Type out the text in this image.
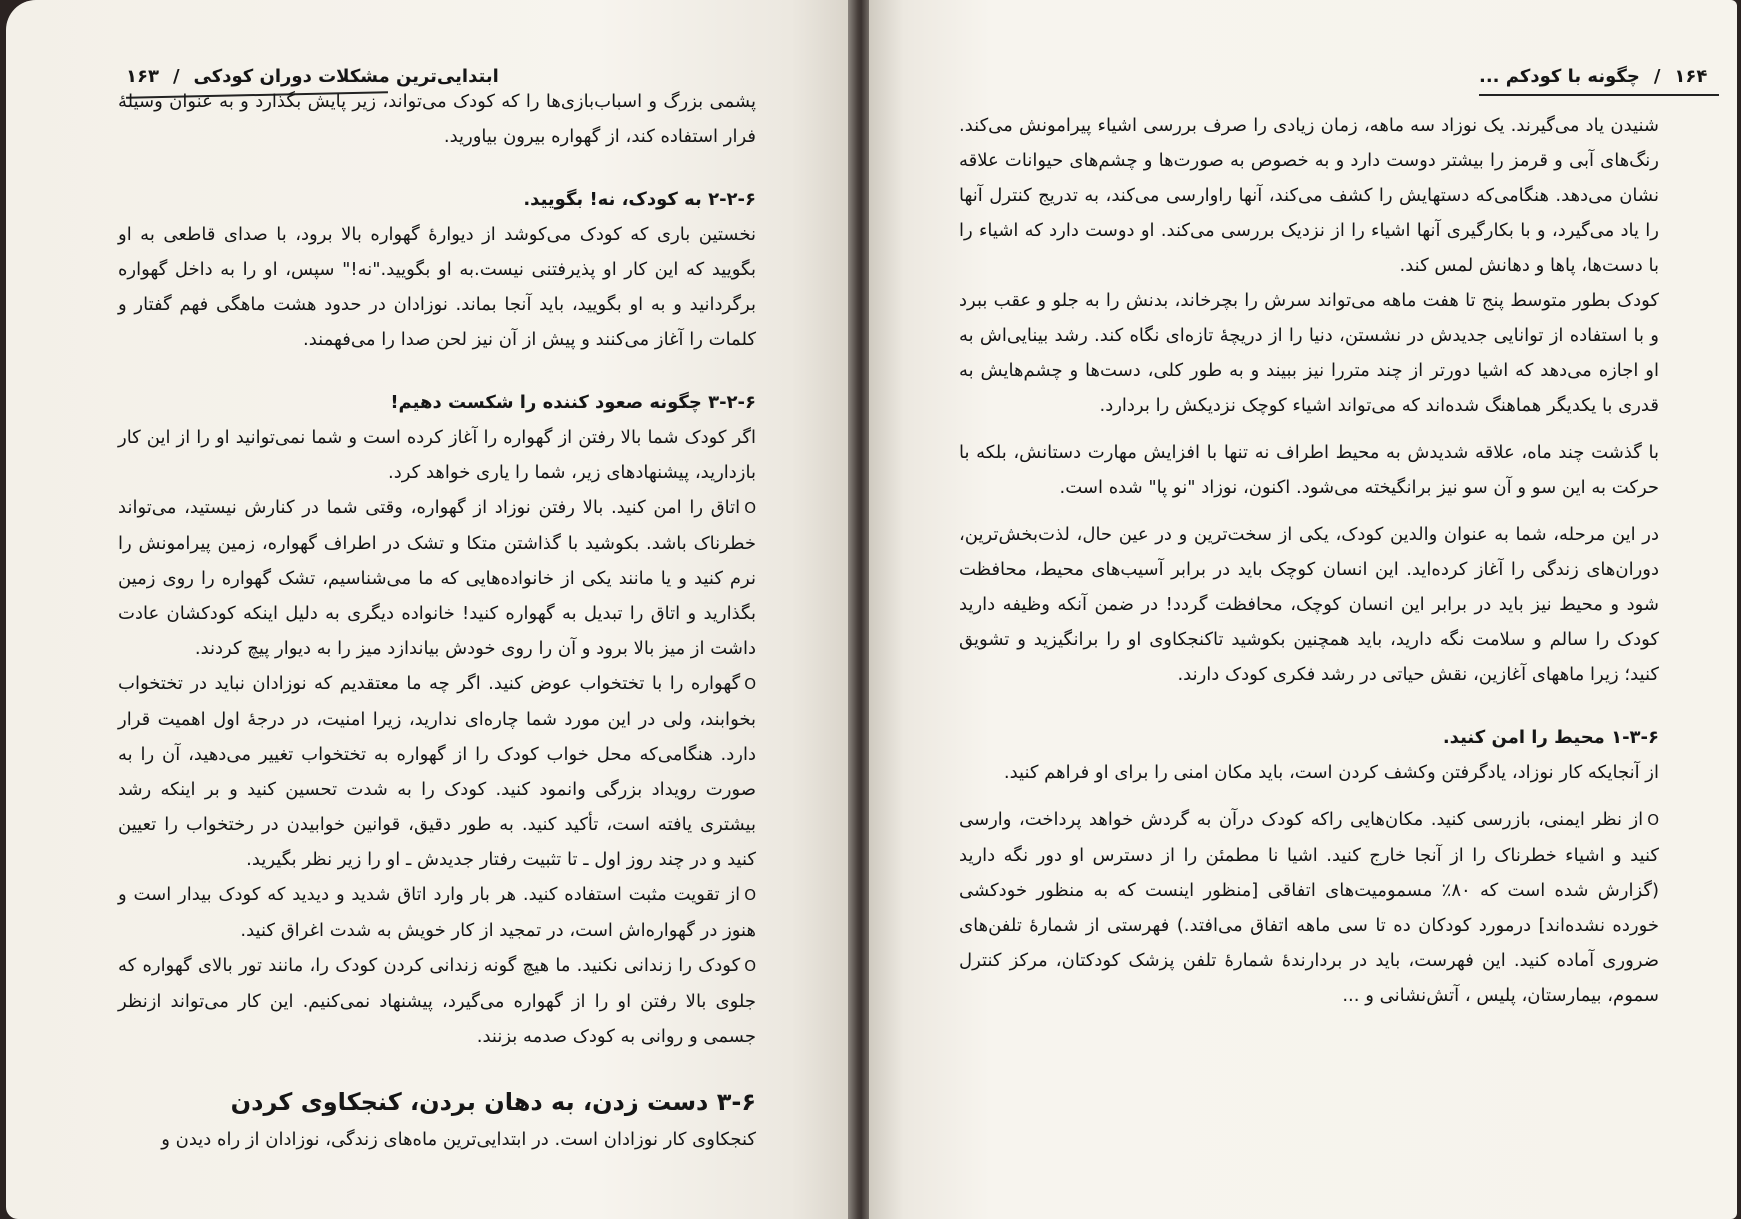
ابتدایی‌ترین مشکلات دوران کودکی
/
۱۶۳

پشمی بزرگ و اسباب‌بازی‌ها را که کودک می‌تواند، زیر پایش بگذارد و به عنوان وسیلهٔ فرار استفاده کند، از گهواره بیرون بیاورید.

۲-۲-۶ به کودک، نه! بگویید.

نخستین باری که کودک می‌کوشد از دیوارهٔ گهواره بالا برود، با صدای قاطعی به او بگویید که این کار او پذیرفتنی نیست.به او بگویید."نه!" سپس، او را به داخل گهواره برگردانید و به او بگویید، باید آنجا بماند. نوزادان در حدود هشت ماهگی فهم گفتار و کلمات را آغاز می‌کنند و پیش از آن نیز لحن صدا را می‌فهمند.

۳-۲-۶ چگونه صعود کننده را شکست دهیم!

اگر کودک شما بالا رفتن از گهواره را آغاز کرده است و شما نمی‌توانید او را از این کار بازدارید، پیشنهادهای زیر، شما را یاری خواهد کرد.

Oاتاق را امن کنید. بالا رفتن نوزاد از گهواره، وقتی شما در کنارش نیستید، می‌تواند خطرناک باشد. بکوشید با گذاشتن متکا و تشک در اطراف گهواره، زمین پیرامونش را نرم کنید و یا مانند یکی از خانواده‌هایی که ما می‌شناسیم، تشک گهواره را روی زمین بگذارید و اتاق را تبدیل به گهواره کنید! خانواده دیگری به دلیل اینکه کودکشان عادت داشت از میز بالا برود و آن را روی خودش بیاندازد میز را به دیوار پیچ کردند.

Oگهواره را با تختخواب عوض کنید. اگر چه ما معتقدیم که نوزادان نباید در تختخواب بخوابند، ولی در این مورد شما چاره‌ای ندارید، زیرا امنیت، در درجهٔ اول اهمیت قرار دارد. هنگامی‌که محل خواب کودک را از گهواره به تختخواب تغییر می‌دهید، آن را به صورت رویداد بزرگی وانمود کنید. کودک را به شدت تحسین کنید و بر اینکه رشد بیشتری یافته است، تأکید کنید. به طور دقیق، قوانین خوابیدن در رختخواب را تعیین کنید و در چند روز اول ـ تا تثبیت رفتار جدیدش ـ او را زیر نظر بگیرید.

Oاز تقویت مثبت استفاده کنید. هر بار وارد اتاق شدید و دیدید که کودک بیدار است و هنوز در گهواره‌اش است، در تمجید از کار خویش به شدت اغراق کنید.

Oکودک را زندانی نکنید. ما هیچ گونه زندانی کردن کودک را، مانند تور بالای گهواره که جلوی بالا رفتن او را از گهواره می‌گیرد، پیشنهاد نمی‌کنیم. این کار می‌تواند ازنظر جسمی و روانی به کودک صدمه بزنند.

۳-۶ دست زدن، به دهان بردن، کنجکاوی کردن

کنجکاوی کار نوزادان است. در ابتدایی‌ترین ماه‌های زندگی، نوزادان از راه دیدن و

۱۶۴
/
چگونه با کودکم ...

شنیدن یاد می‌گیرند. یک نوزاد سه ماهه، زمان زیادی را صرف بررسی اشیاء پیرامونش می‌کند. رنگ‌های آبی و قرمز را بیشتر دوست دارد و به خصوص به صورت‌ها و چشم‌های حیوانات علاقه نشان می‌دهد. هنگامی‌که دستهایش را کشف می‌کند، آنها راوارسی می‌کند، به تدریج کنترل آنها را یاد می‌گیرد، و با بکارگیری آنها اشیاء را از نزدیک بررسی می‌کند. او دوست دارد که اشیاء را با دست‌ها، پاها و دهانش لمس کند.

کودک بطور متوسط پنج تا هفت ماهه می‌تواند سرش را بچرخاند، بدنش را به جلو و عقب ببرد و با استفاده از توانایی جدیدش در نشستن، دنیا را از دریچهٔ تازه‌ای نگاه کند. رشد بینایی‌اش به او اجازه می‌دهد که اشیا دورتر از چند متررا نیز ببیند و به طور کلی، دست‌ها و چشم‌هایش به قدری با یکدیگر هماهنگ شده‌اند که می‌تواند اشیاء کوچک نزدیکش را بردارد.

با گذشت چند ماه، علاقه شدیدش به محیط اطراف نه تنها با افزایش مهارت دستانش، بلکه با حرکت به این سو و آن سو نیز برانگیخته می‌شود. اکنون، نوزاد "نو پا" شده است.

در این مرحله، شما به عنوان والدین کودک، یکی از سخت‌ترین و در عین حال، لذت‌بخش‌ترین، دوران‌های زندگی را آغاز کرده‌اید. این انسان کوچک باید در برابر آسیب‌های محیط، محافظت شود و محیط نیز باید در برابر این انسان کوچک، محافظت گردد! در ضمن آنکه وظیفه دارید کودک را سالم و سلامت نگه دارید، باید همچنین بکوشید تاکنجکاوی او را برانگیزید و تشویق کنید؛ زیرا ماههای آغازین، نقش حیاتی در رشد فکری کودک دارند.

۱-۳-۶ محیط را امن کنید.

از آنجایکه کار نوزاد، یادگرفتن وکشف کردن است، باید مکان امنی را برای او فراهم کنید.

Oاز نظر ایمنی، بازرسی کنید. مکان‌هایی راکه کودک درآن به گردش خواهد پرداخت، وارسی کنید و اشیاء خطرناک را از آنجا خارج کنید. اشیا نا مطمئن را از دسترس او دور نگه دارید (گزارش شده است که ۸۰٪ مسمومیت‌های اتفاقی [منظور اینست که به منظور خودکشی خورده نشده‌اند] درمورد کودکان ده تا سی ماهه اتفاق می‌افتد.) فهرستی از شمارهٔ تلفن‌های ضروری آماده کنید. این فهرست، باید در بردارندهٔ شمارهٔ تلفن پزشک کودکتان، مرکز کنترل سموم، بیمارستان، پلیس ، آتش‌نشانی و ...
